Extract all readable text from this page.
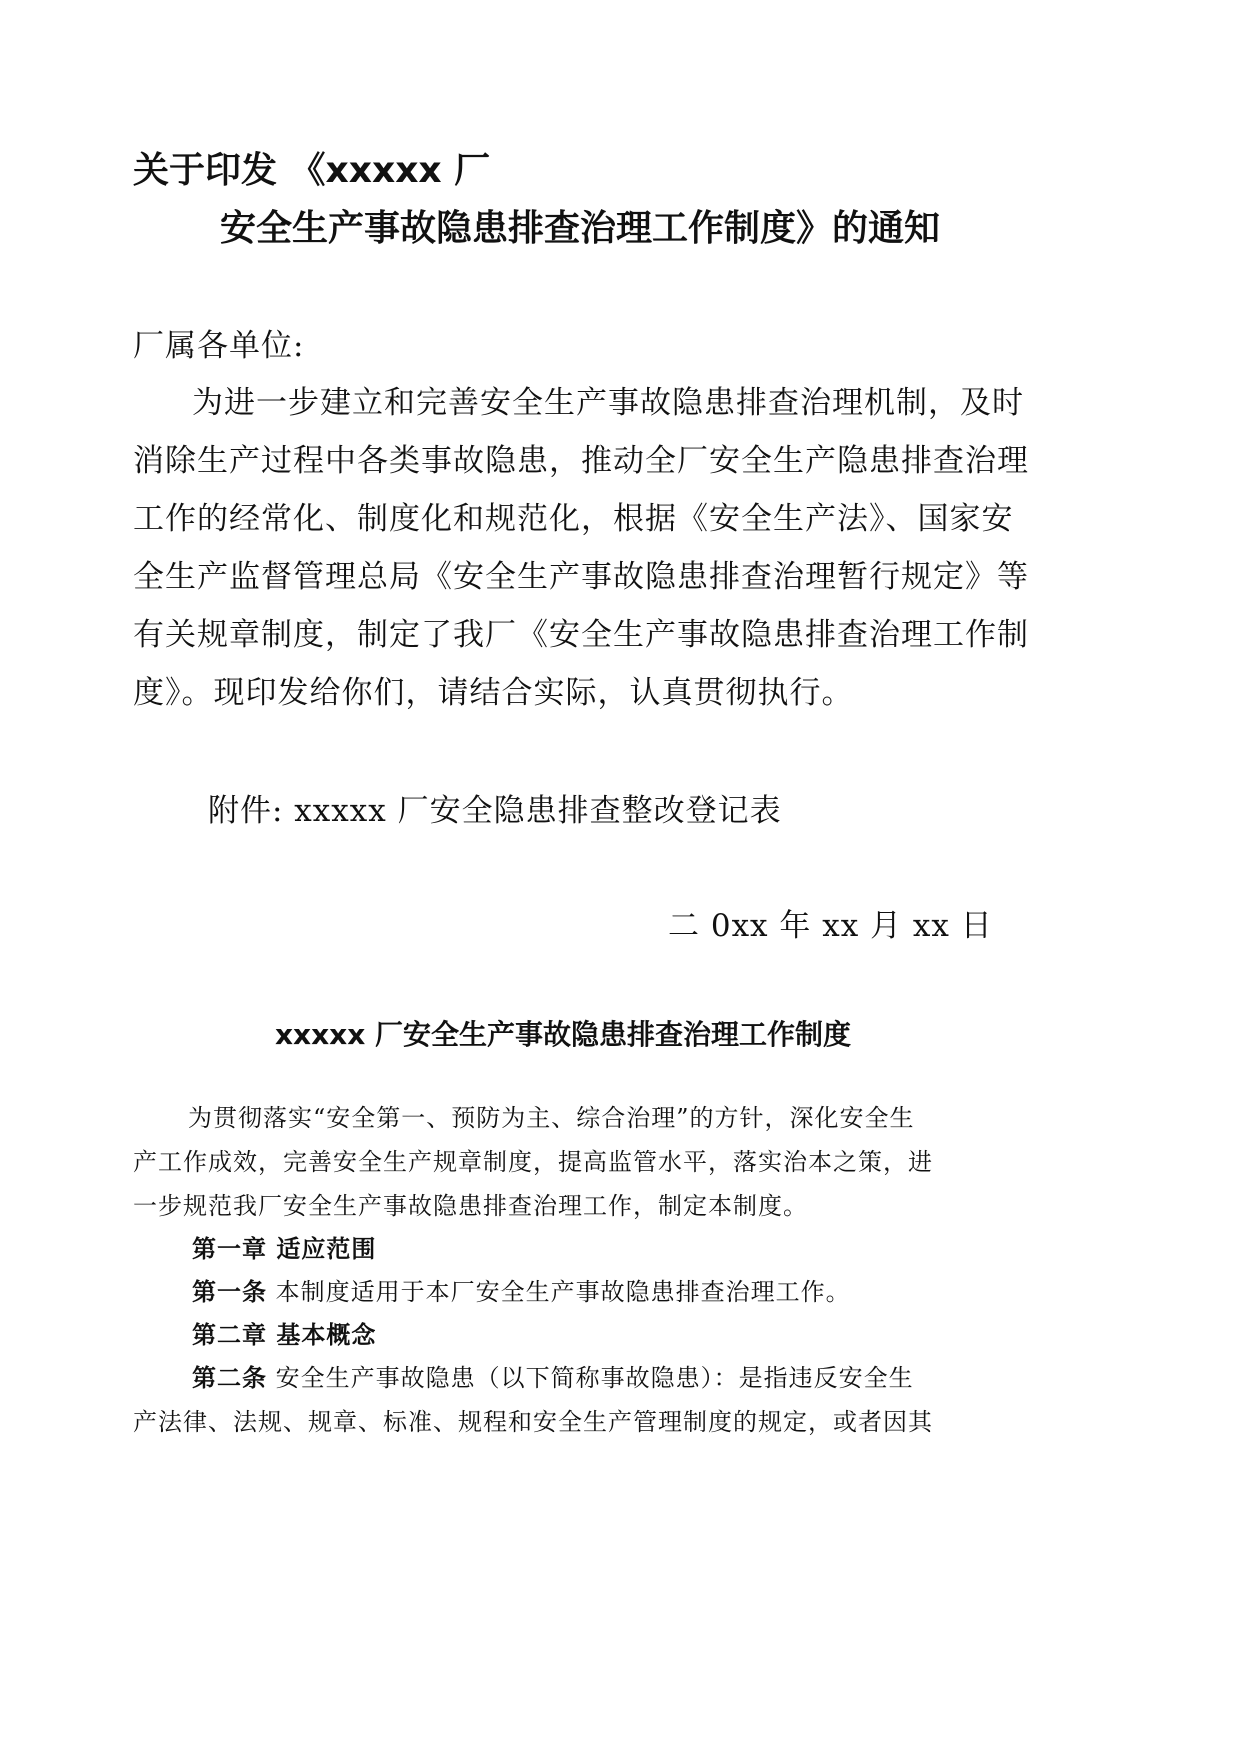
关于印发 《xxxxx 厂
安全生产事故隐患排查治理工作制度》的通知
厂属各单位:
为进一步建立和完善安全生产事故隐患排查治理机制，及时
消除生产过程中各类事故隐患，推动全厂安全生产隐患排查治理
工作的经常化、制度化和规范化，根据《安全生产法》、国家安
全生产监督管理总局《安全生产事故隐患排查治理暂行规定》等
有关规章制度，制定了我厂《安全生产事故隐患排查治理工作制
度》。现印发给你们，请结合实际，认真贯彻执行。
附件: xxxxx 厂安全隐患排查整改登记表
二 0xx 年 xx 月 xx 日
xxxxx 厂安全生产事故隐患排查治理工作制度
为贯彻落实“安全第一、预防为主、综合治理”的方针，深化安全生
产工作成效，完善安全生产规章制度，提高监管水平，落实治本之策，进
一步规范我厂安全生产事故隐患排查治理工作，制定本制度。
第一章 适应范围
第一条 本制度适用于本厂安全生产事故隐患排查治理工作。
第二章 基本概念
第二条 安全生产事故隐患（以下简称事故隐患）：是指违反安全生
产法律、法规、规章、标准、规程和安全生产管理制度的规定，或者因其
